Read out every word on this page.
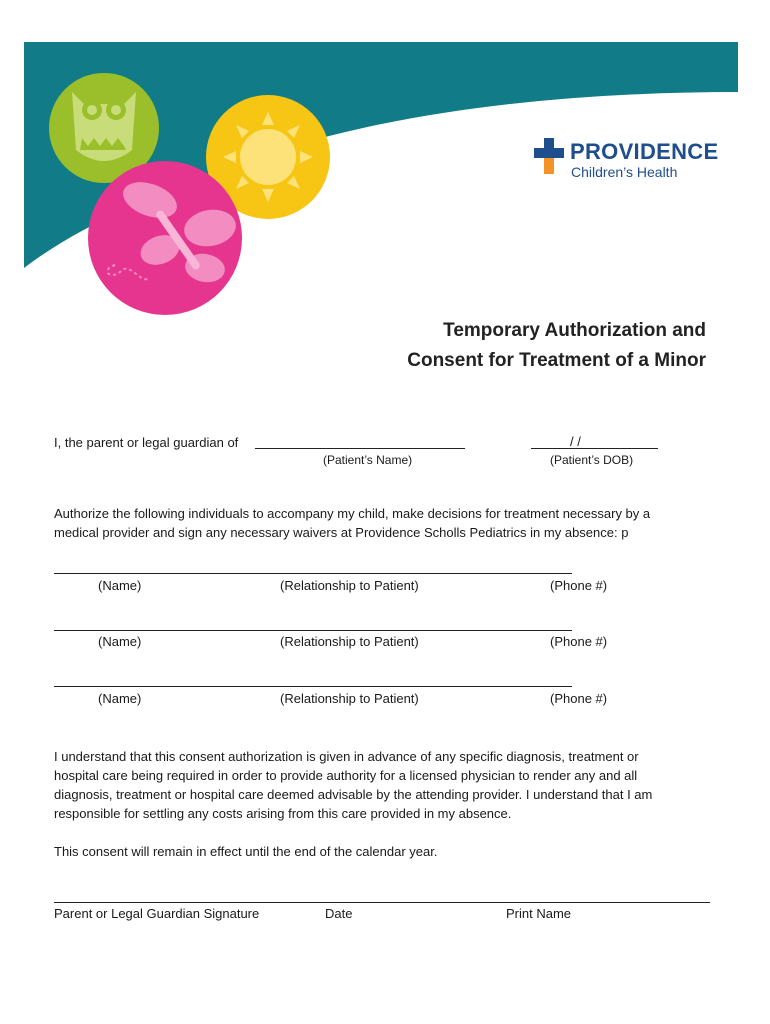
PROVIDENCE
Children’s Health
Temporary Authorization and
Consent for Treatment of a Minor
I, the parent or legal guardian of
(Patient’s Name)
/ /
(Patient’s DOB)
Authorize the following individuals to accompany my child, make decisions for treatment necessary by a
medical provider and sign any necessary waivers at Providence Scholls Pediatrics in my absence: p
(Name)	(Relationship to Patient)	(Phone #)
(Name)	(Relationship to Patient)	(Phone #)
(Name)	(Relationship to Patient)	(Phone #)
I understand that this consent authorization is given in advance of any specific diagnosis, treatment or
hospital care being required in order to provide authority for a licensed physician to render any and all
diagnosis, treatment or hospital care deemed advisable by the attending provider. I understand that I am
responsible for settling any costs arising from this care provided in my absence.
This consent will remain in effect until the end of the calendar year.
Parent or Legal Guardian Signature	Date	Print Name
